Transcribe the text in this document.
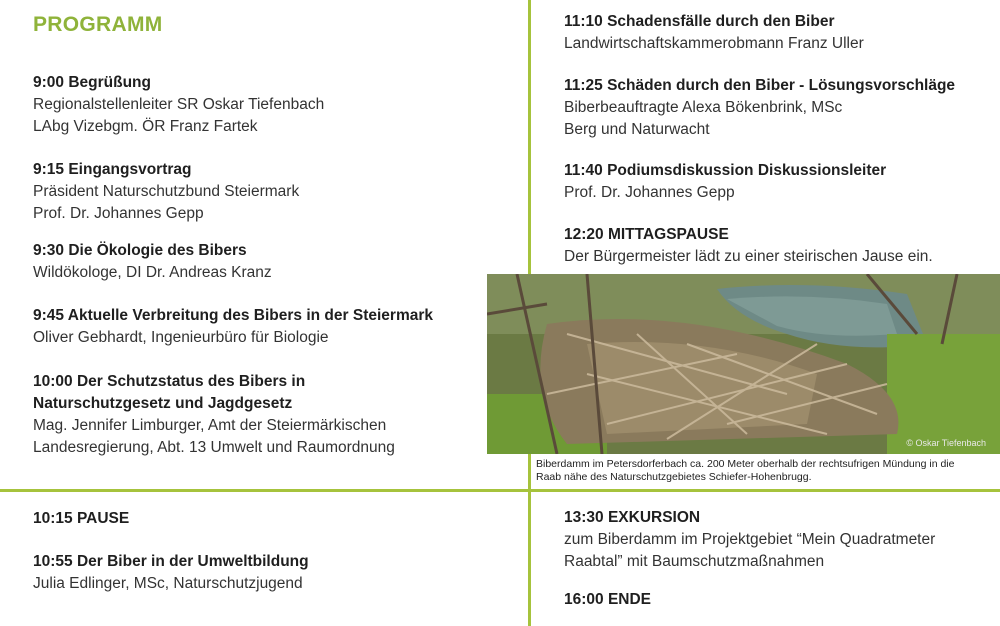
PROGRAMM
9:00 Begrüßung
Regionalstellenleiter SR Oskar Tiefenbach
LAbg Vizebgm. ÖR Franz Fartek
9:15 Eingangsvortrag
Präsident Naturschutzbund Steiermark
Prof. Dr. Johannes Gepp
9:30 Die Ökologie des Bibers
Wildökologe, DI Dr. Andreas Kranz
9:45 Aktuelle Verbreitung des Bibers in der Steiermark
Oliver Gebhardt, Ingenieurbüro für Biologie
10:00 Der Schutzstatus des Bibers in
Naturschutzgesetz und Jagdgesetz
Mag. Jennifer Limburger, Amt der Steiermärkischen
Landesregierung, Abt. 13 Umwelt und Raumordnung
11:10 Schadensfälle durch den Biber
Landwirtschaftskammerobmann Franz Uller
11:25 Schäden durch den Biber - Lösungsvorschläge
Biberbeauftragte Alexa Bökenbrink, MSc
Berg und Naturwacht
11:40 Podiumsdiskussion Diskussionsleiter
Prof. Dr. Johannes Gepp
12:20 MITTAGSPAUSE
Der Bürgermeister lädt zu einer steirischen Jause ein.
© Oskar Tiefenbach
Biberdamm im Petersdorferbach ca. 200 Meter oberhalb der rechtsufrigen Mündung in die Raab nähe des Naturschutzgebietes Schiefer-Hohenbrugg.
10:15 PAUSE
10:55 Der Biber in der Umweltbildung
Julia Edlinger, MSc, Naturschutzjugend
13:30 EXKURSION
zum Biberdamm im Projektgebiet “Mein Quadratmeter
Raabtal” mit Baumschutzmaßnahmen
16:00 ENDE
